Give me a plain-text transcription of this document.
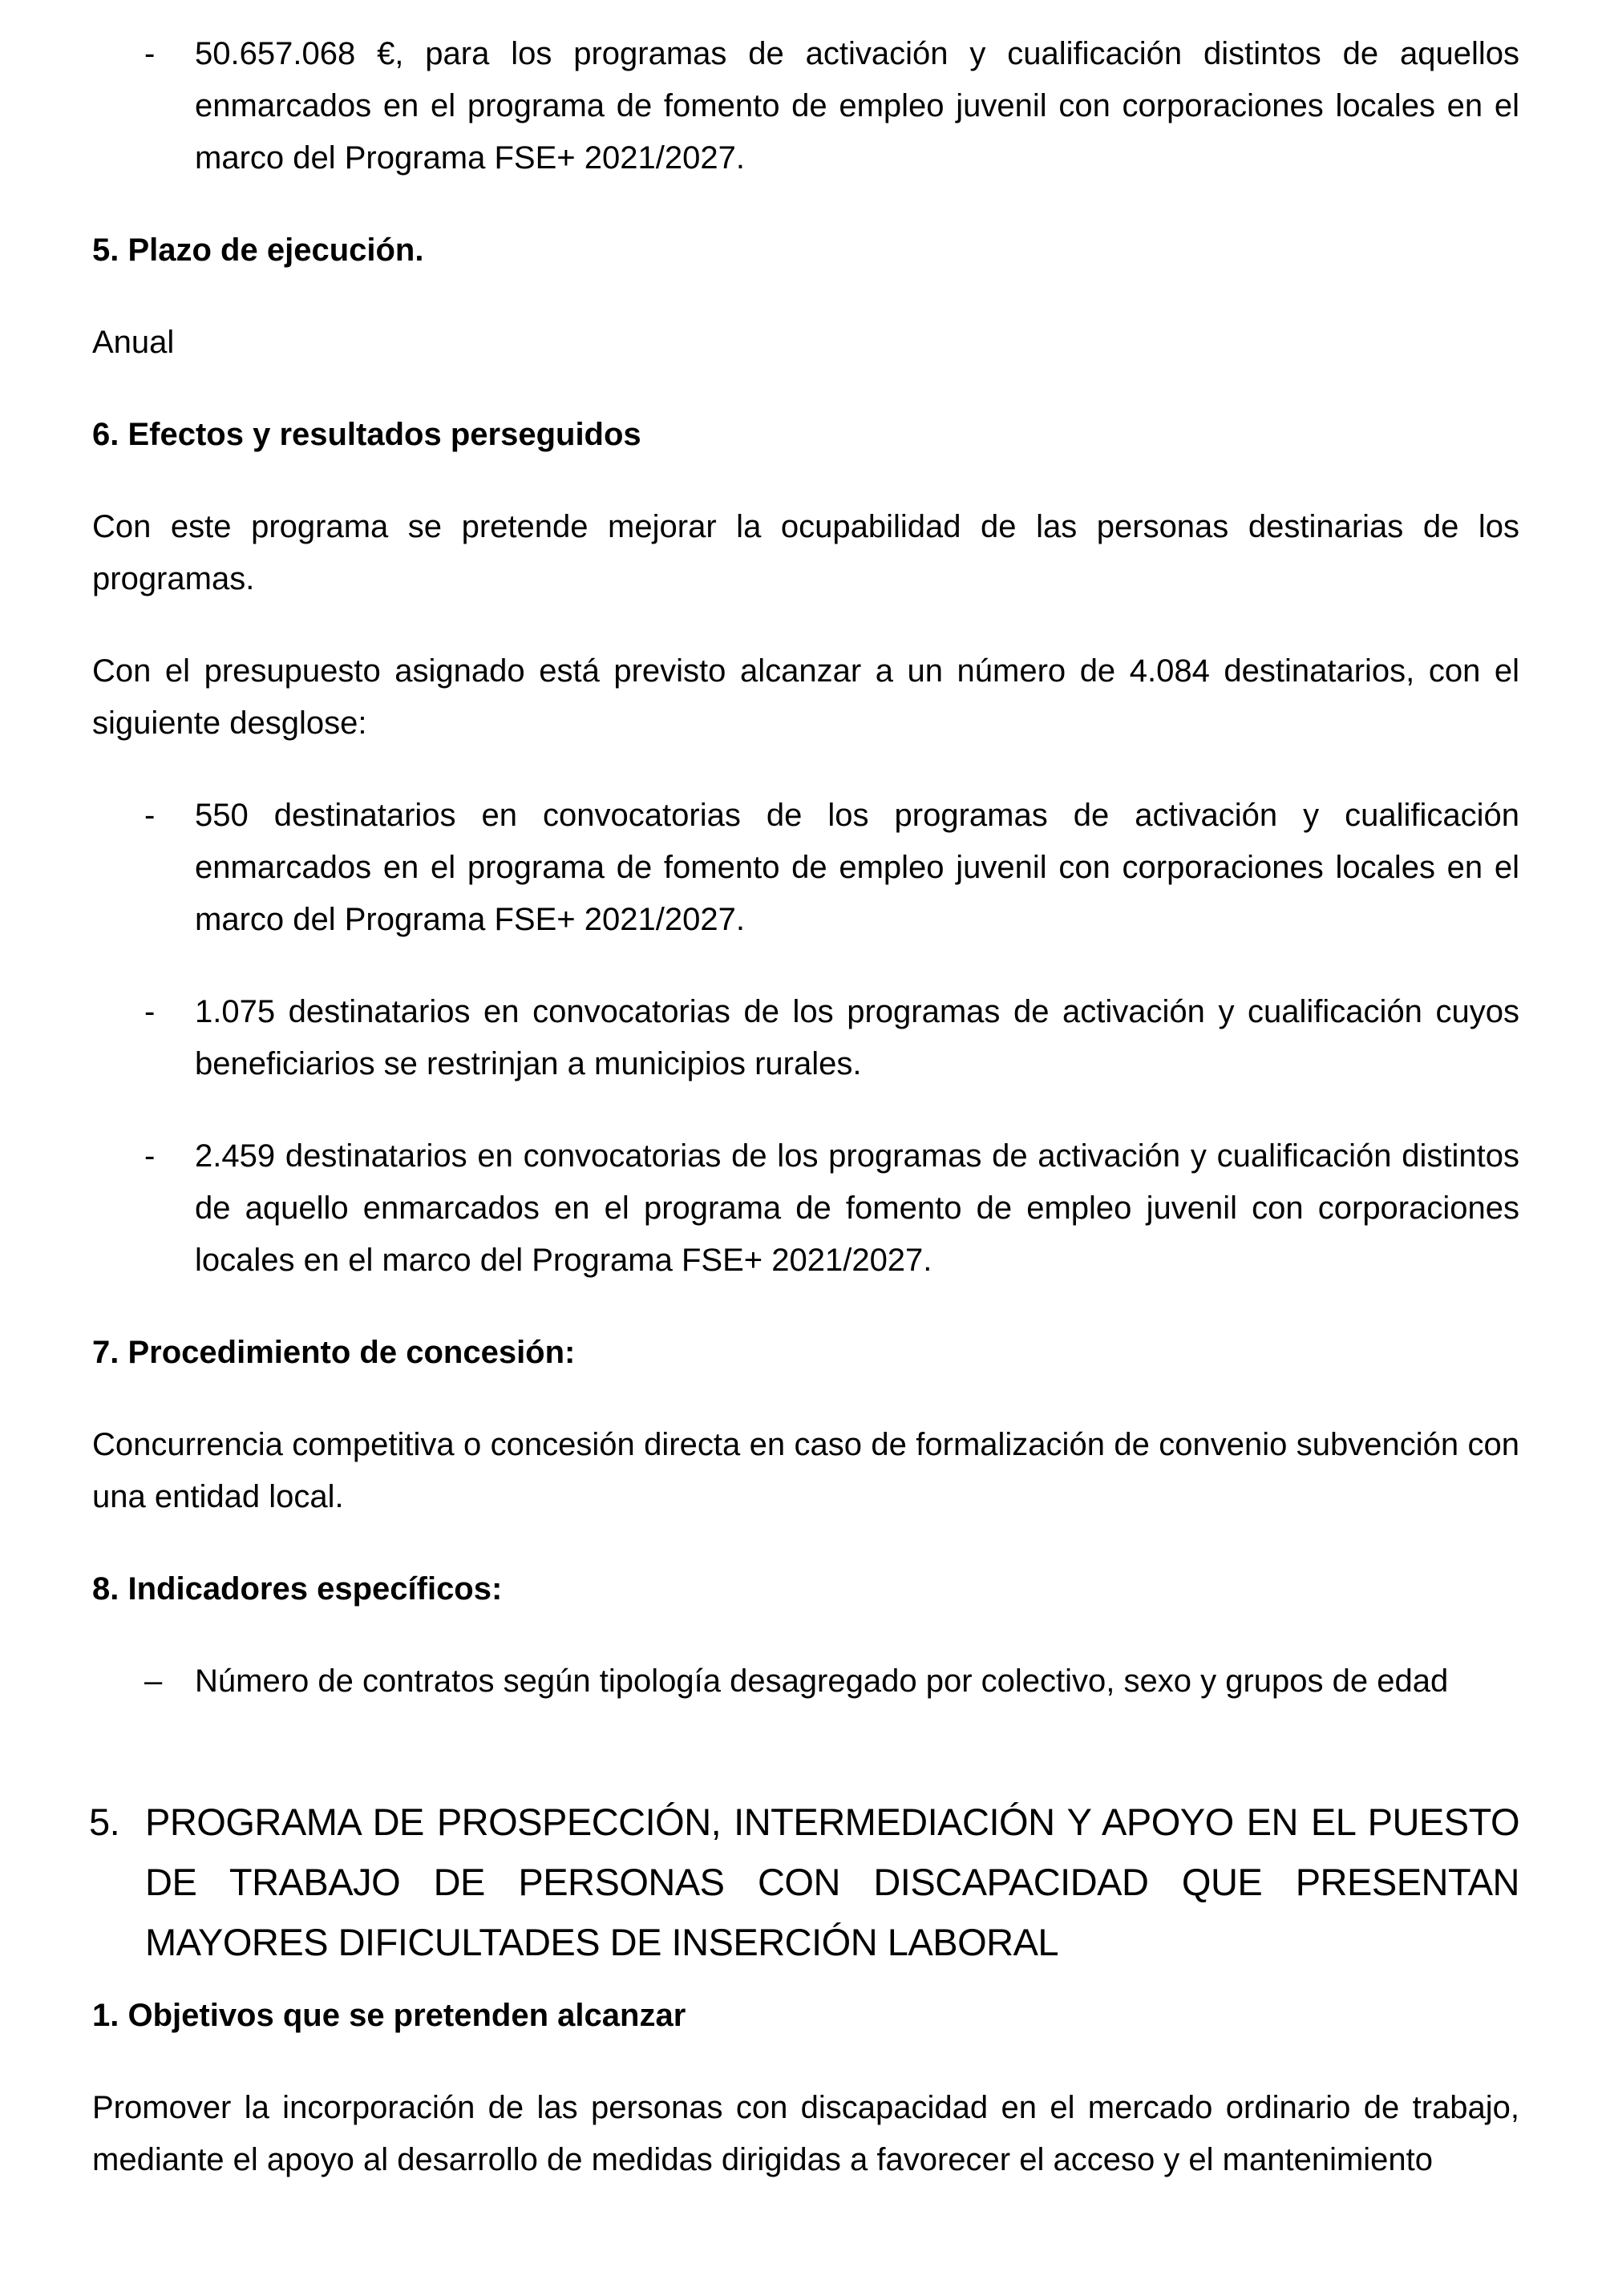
- 50.657.068 €, para los programas de activación y cualificación distintos de aquellos enmarcados en el programa de fomento de empleo juvenil con corporaciones locales en el marco del Programa FSE+ 2021/2027.
5. Plazo de ejecución.
Anual
6. Efectos y resultados perseguidos
Con este programa se pretende mejorar la ocupabilidad de las personas destinarias de los programas.
Con el presupuesto asignado está previsto alcanzar a un número de 4.084 destinatarios, con el siguiente desglose:
- 550 destinatarios en convocatorias de los programas de activación y cualificación enmarcados en el programa de fomento de empleo juvenil con corporaciones locales en el marco del Programa FSE+ 2021/2027.
- 1.075 destinatarios en convocatorias de los programas de activación y cualificación cuyos beneficiarios se restrinjan a municipios rurales.
- 2.459 destinatarios en convocatorias de los programas de activación y cualificación distintos de aquello enmarcados en el programa de fomento de empleo juvenil con corporaciones locales en el marco del Programa FSE+ 2021/2027.
7. Procedimiento de concesión:
Concurrencia competitiva o concesión directa en caso de formalización de convenio subvención con una entidad local.
8. Indicadores específicos:
– Número de contratos según tipología desagregado por colectivo, sexo y grupos de edad
5. PROGRAMA DE PROSPECCIÓN, INTERMEDIACIÓN Y APOYO EN EL PUESTO DE TRABAJO DE PERSONAS CON DISCAPACIDAD QUE PRESENTAN MAYORES DIFICULTADES DE INSERCIÓN LABORAL
1. Objetivos que se pretenden alcanzar
Promover la incorporación de las personas con discapacidad en el mercado ordinario de trabajo, mediante el apoyo al desarrollo de medidas dirigidas a favorecer el acceso y el mantenimiento
